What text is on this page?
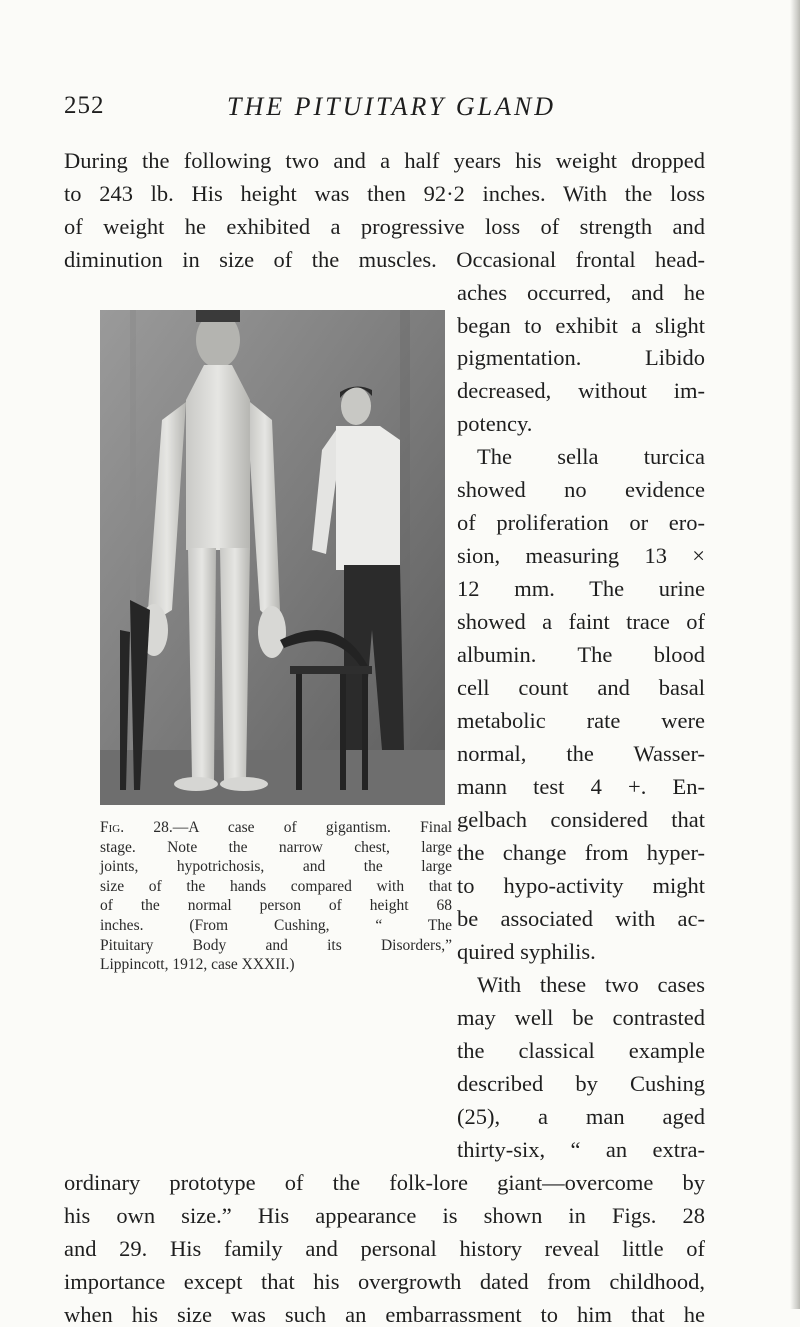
252	THE PITUITARY GLAND
During the following two and a half years his weight dropped
to 243 lb. His height was then 92·2 inches. With the loss
of weight he exhibited a progressive loss of strength and
diminution in size of the muscles. Occasional frontal head-
aches occurred, and he
began to exhibit a slight
pigmentation. Libido
decreased, without im-
potency.
The sella turcica
showed no evidence
of proliferation or ero-
sion, measuring 13 ×
12 mm. The urine
showed a faint trace of
albumin. The blood
cell count and basal
metabolic rate were
normal, the Wasser-
mann test 4 +. En-
gelbach considered that
the change from hyper-
to hypo-activity might
be associated with ac-
quired syphilis.
With these two cases
may well be contrasted
the classical example
described by Cushing
(25), a man aged
thirty-six, “ an extra-
ordinary prototype of the folk-lore giant—overcome by
his own size.” His appearance is shown in Figs. 28
and 29. His family and personal history reveal little of
importance except that his overgrowth dated from childhood,
when his size was such an embarrassment to him that he
Fig. 28.—A case of gigantism. Final
stage. Note the narrow chest, large
joints, hypotrichosis, and the large
size of the hands compared with that
of the normal person of height 68
inches. (From Cushing, “ The
Pituitary Body and its Disorders,”
Lippincott, 1912, case XXXII.)
